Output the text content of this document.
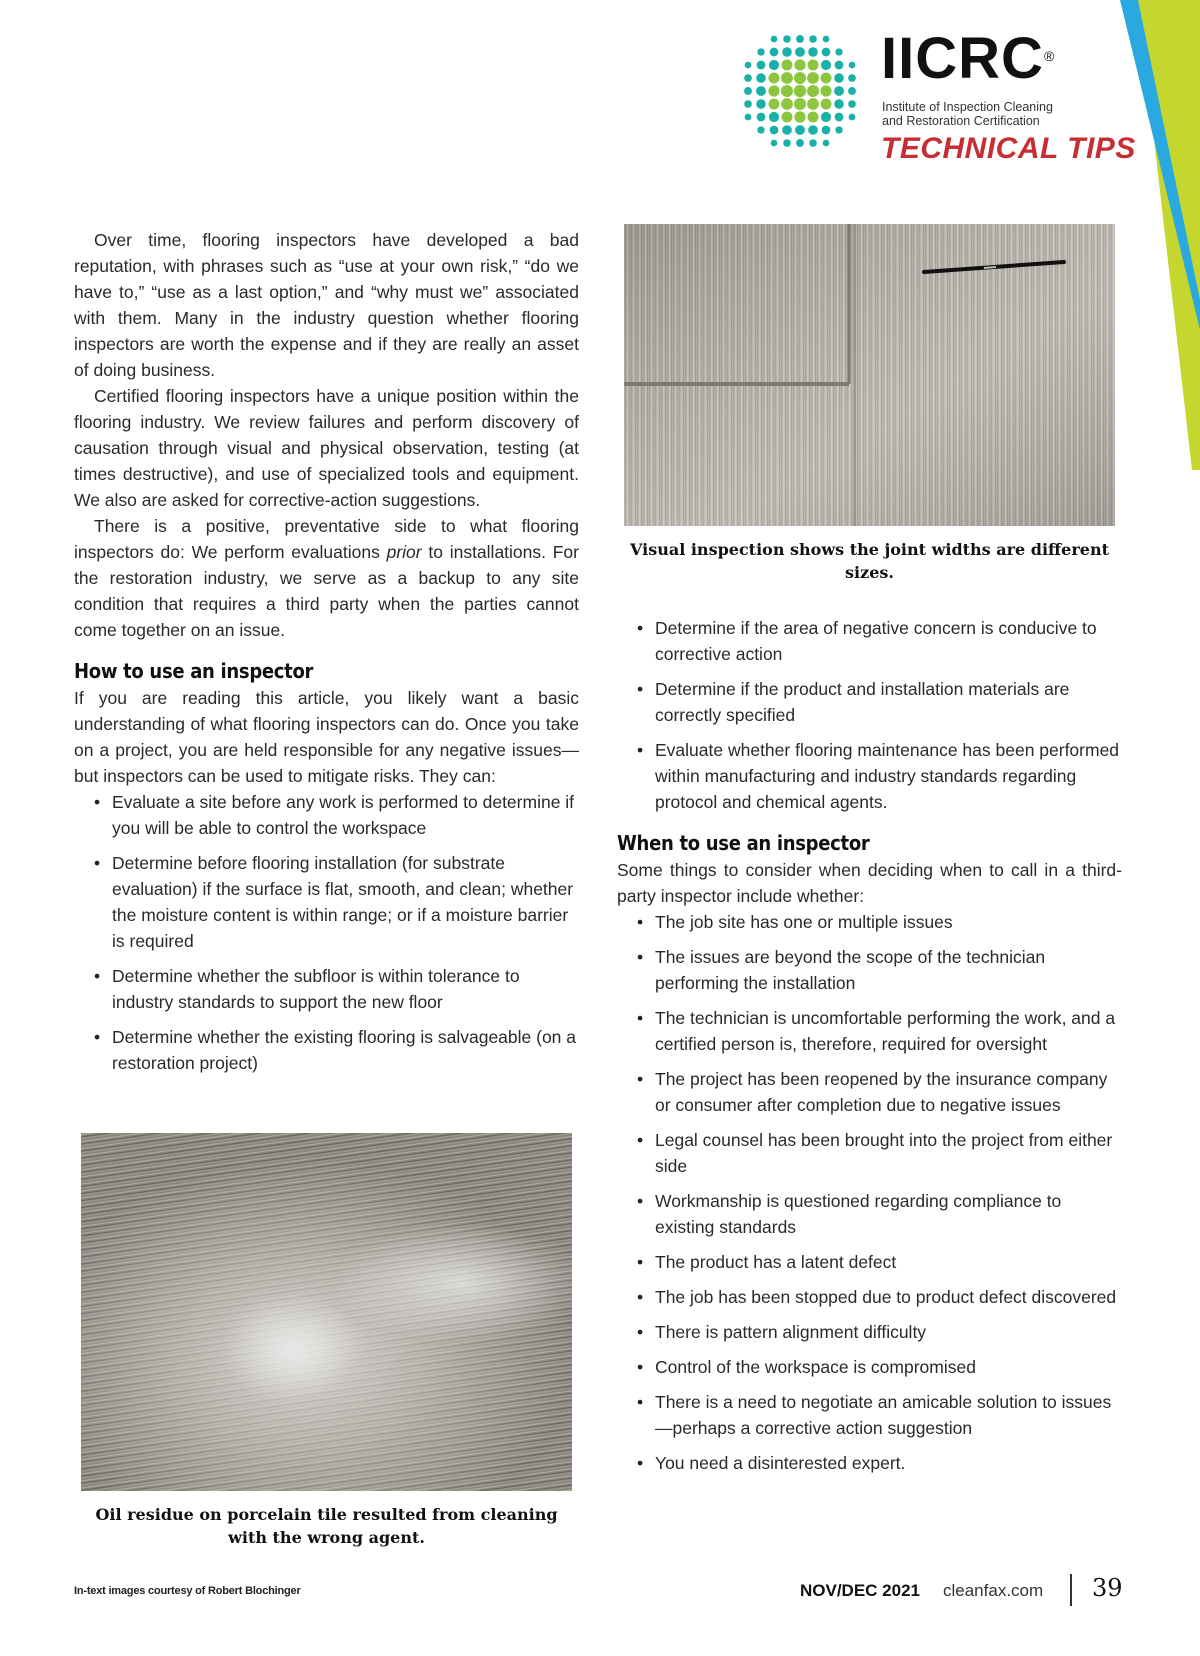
IICRC ®
Institute of Inspection Cleaning
and Restoration Certification
TECHNICAL TIPS

Over time, flooring inspectors have developed a bad reputation, with phrases such as “use at your own risk,” “do we have to,” “use as a last option,” and “why must we” associated with them. Many in the industry question whether flooring inspectors are worth the expense and if they are really an asset of doing business.

Certified flooring inspectors have a unique position within the flooring industry. We review failures and perform discovery of causation through visual and physical observation, testing (at times destructive), and use of specialized tools and equipment. We also are asked for corrective-action suggestions.

There is a positive, preventative side to what flooring inspectors do: We perform evaluations prior to installations. For the restoration industry, we serve as a backup to any site condition that requires a third party when the parties cannot come together on an issue.

How to use an inspector

If you are reading this article, you likely want a basic understanding of what flooring inspectors can do. Once you take on a project, you are held responsible for any negative issues—but inspectors can be used to mitigate risks. They can:

• Evaluate a site before any work is performed to determine if you will be able to control the workspace
• Determine before flooring installation (for substrate evaluation) if the surface is flat, smooth, and clean; whether the moisture content is within range; or if a moisture barrier is required
• Determine whether the subfloor is within tolerance to industry standards to support the new floor
• Determine whether the existing flooring is salvageable (on a restoration project)
Visual inspection shows the joint widths are different sizes.
• Determine if the area of negative concern is conducive to corrective action
• Determine if the product and installation materials are correctly specified
• Evaluate whether flooring maintenance has been performed within manufacturing and industry standards regarding protocol and chemical agents.
When to use an inspector

Some things to consider when deciding when to call in a third-party inspector include whether:

• The job site has one or multiple issues
• The issues are beyond the scope of the technician performing the installation
• The technician is uncomfortable performing the work, and a certified person is, therefore, required for oversight
• The project has been reopened by the insurance company or consumer after completion due to negative issues
• Legal counsel has been brought into the project from either side
• Workmanship is questioned regarding compliance to existing standards
• The product has a latent defect
• The job has been stopped due to product defect discovered
• There is pattern alignment difficulty
• Control of the workspace is compromised
• There is a need to negotiate an amicable solution to issues—perhaps a corrective action suggestion
• You need a disinterested expert.
Oil residue on porcelain tile resulted from cleaning with the wrong agent.
In-text images courtesy of Robert Blochinger	NOV/DEC 2021 cleanfax.com 39
